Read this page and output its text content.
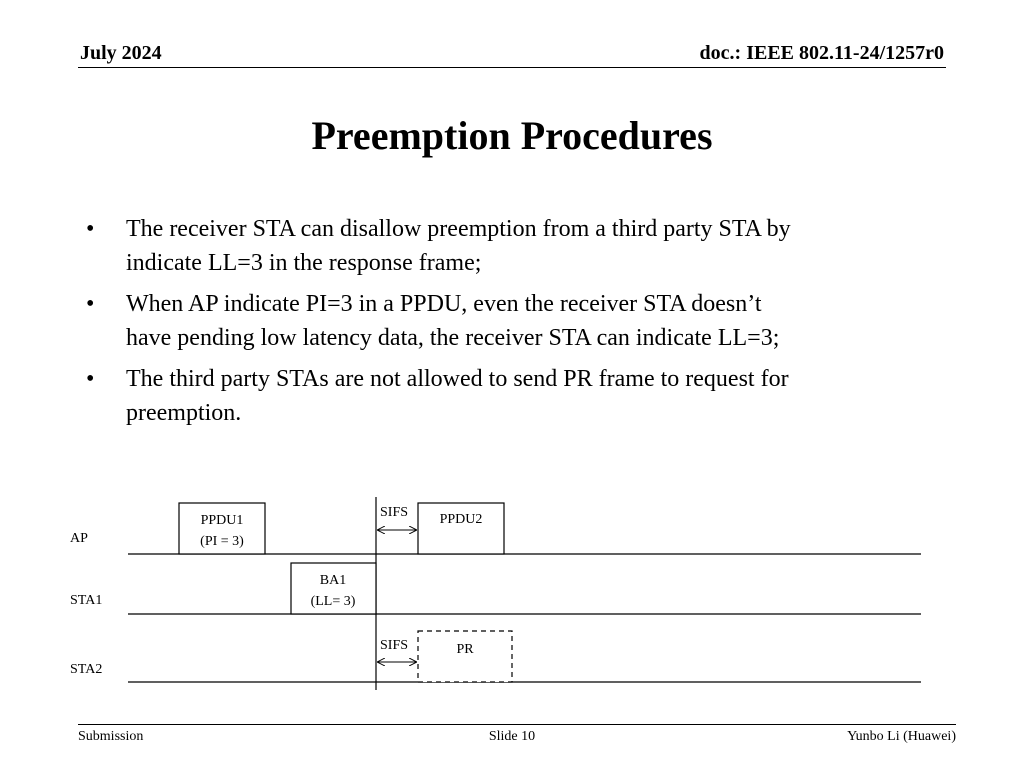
July 2024	doc.: IEEE 802.11-24/1257r0
Preemption Procedures
• The receiver STA can disallow preemption from a third party STA by
indicate LL=3 in the response frame;
• When AP indicate PI=3 in a PPDU, even the receiver STA doesn’t
have pending low latency data, the receiver STA can indicate LL=3;
• The third party STAs are not allowed to send PR frame to request for
preemption.
AP
STA1
STA2
PPDU1
(PI = 3)
PPDU2
BA1
(LL= 3)
PR
SIFS
SIFS
Submission	Slide 10	Yunbo Li (Huawei)
